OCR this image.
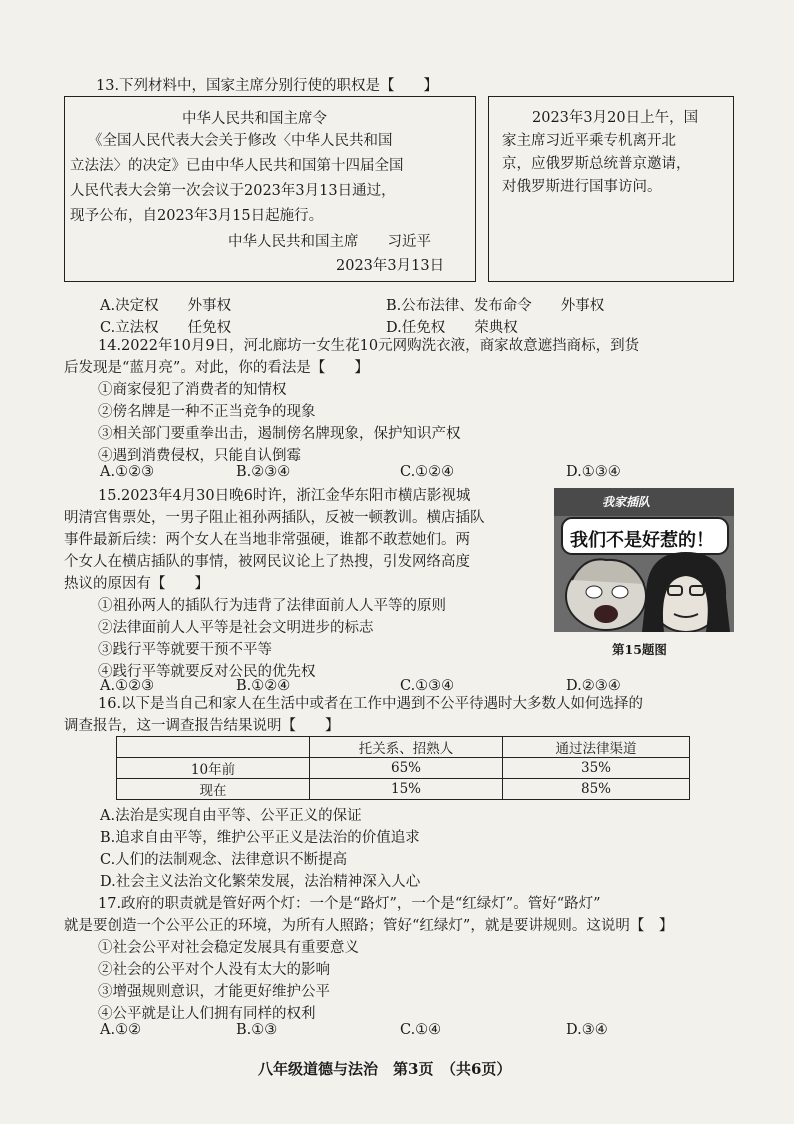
13.下列材料中，国家主席分别行使的职权是【　　】
中华人民共和国主席令
《全国人民代表大会关于修改〈中华人民共和国
立法法〉的决定》已由中华人民共和国第十四届全国
人民代表大会第一次会议于2023年3月13日通过，
现予公布，自2023年3月15日起施行。
中华人民共和国主席　　习近平
2023年3月13日
2023年3月20日上午，国
家主席习近平乘专机离开北
京，应俄罗斯总统普京邀请，
对俄罗斯进行国事访问。
A.决定权　　外事权	B.公布法律、发布命令　　外事权
C.立法权　　任免权	D.任免权　　荣典权
14.2022年10月9日，河北廊坊一女生花10元网购洗衣液，商家故意遮挡商标，到货
后发现是“蓝月亮”。对此，你的看法是【　　】
①商家侵犯了消费者的知情权
②傍名牌是一种不正当竞争的现象
③相关部门要重拳出击，遏制傍名牌现象，保护知识产权
④遇到消费侵权，只能自认倒霉
A.①②③	B.②③④	C.①②④	D.①③④
15.2023年4月30日晚6时许，浙江金华东阳市横店影视城
明清宫售票处，一男子阻止祖孙两插队，反被一顿教训。横店插队
事件最新后续：两个女人在当地非常强硬，谁都不敢惹她们。两
个女人在横店插队的事情，被网民议论上了热搜，引发网络高度
热议的原因有【　　】
①祖孙两人的插队行为违背了法律面前人人平等的原则
②法律面前人人平等是社会文明进步的标志
③践行平等就要干预不平等
④践行平等就要反对公民的优先权
A.①②③	B.①②④	C.①③④	D.②③④
我家插队
我们不是好惹的！
第15题图
16.以下是当自己和家人在生活中或者在工作中遇到不公平待遇时大多数人如何选择的
调查报告，这一调查报告结果说明【　　】
	托关系、招熟人	通过法律渠道
10年前	65%	35%
现在	15%	85%
A.法治是实现自由平等、公平正义的保证
B.追求自由平等，维护公平正义是法治的价值追求
C.人们的法制观念、法律意识不断提高
D.社会主义法治文化繁荣发展，法治精神深入人心
17.政府的职责就是管好两个灯：一个是“路灯”，一个是“红绿灯”。管好“路灯”
就是要创造一个公平公正的环境，为所有人照路；管好“红绿灯”，就是要讲规则。这说明【　】
①社会公平对社会稳定发展具有重要意义
②社会的公平对个人没有太大的影响
③增强规则意识，才能更好维护公平
④公平就是让人们拥有同样的权利
A.①②	B.①③	C.①④	D.③④
八年级道德与法治　第3页　（共6页）
